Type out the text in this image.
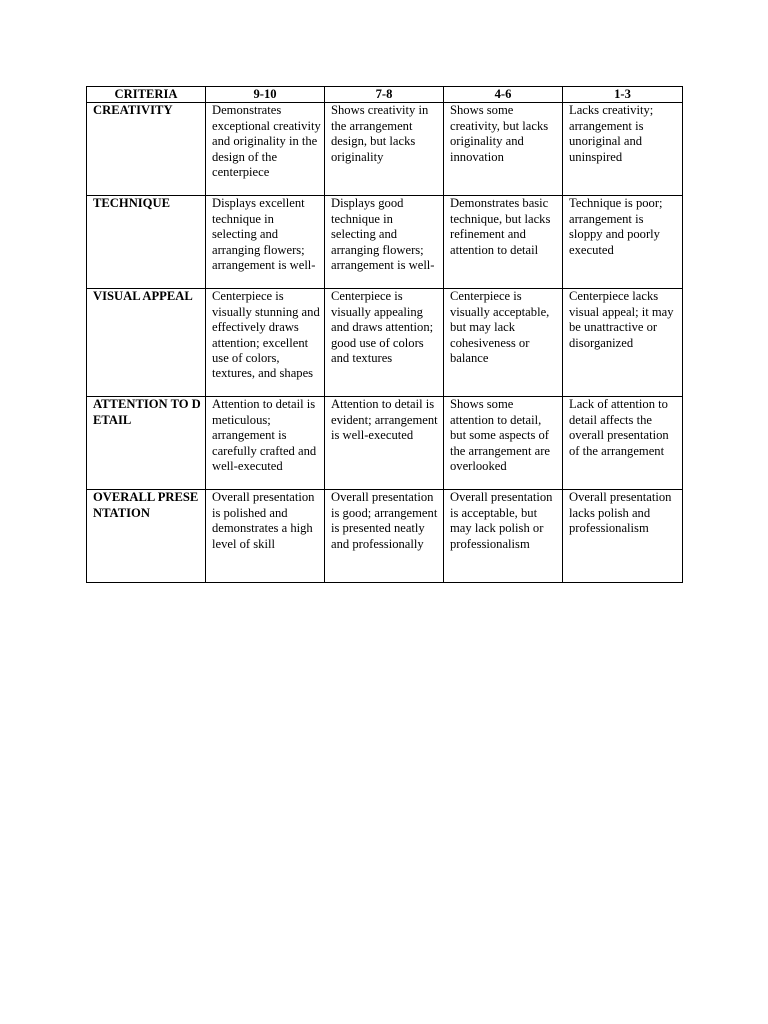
CRITERIA	9-10	7-8	4-6	1-3
CREATIVITY	Demonstrates exceptional creativity and originality in the design of the centerpiece	Shows creativity in the arrangement design, but lacks originality	Shows some creativity, but lacks originality and innovation	Lacks creativity; arrangement is unoriginal and uninspired
TECHNIQUE	Displays excellent technique in selecting and arranging flowers; arrangement is well-	Displays good technique in selecting and arranging flowers; arrangement is well-	Demonstrates basic technique, but lacks refinement and attention to detail	Technique is poor; arrangement is sloppy and poorly executed
VISUAL APPEAL	Centerpiece is visually stunning and effectively draws attention; excellent use of colors, textures, and shapes	Centerpiece is visually appealing and draws attention; good use of colors and textures	Centerpiece is visually acceptable, but may lack cohesiveness or balance	Centerpiece lacks visual appeal; it may be unattractive or disorganized
ATTENTION TO DETAIL	Attention to detail is meticulous; arrangement is carefully crafted and well-executed	Attention to detail is evident; arrangement is well-executed	Shows some attention to detail, but some aspects of the arrangement are overlooked	Lack of attention to detail affects the overall presentation of the arrangement
OVERALL PRESENTATION	Overall presentation is polished and demonstrates a high level of skill	Overall presentation is good; arrangement is presented neatly and professionally	Overall presentation is acceptable, but may lack polish or professionalism	Overall presentation lacks polish and professionalism
